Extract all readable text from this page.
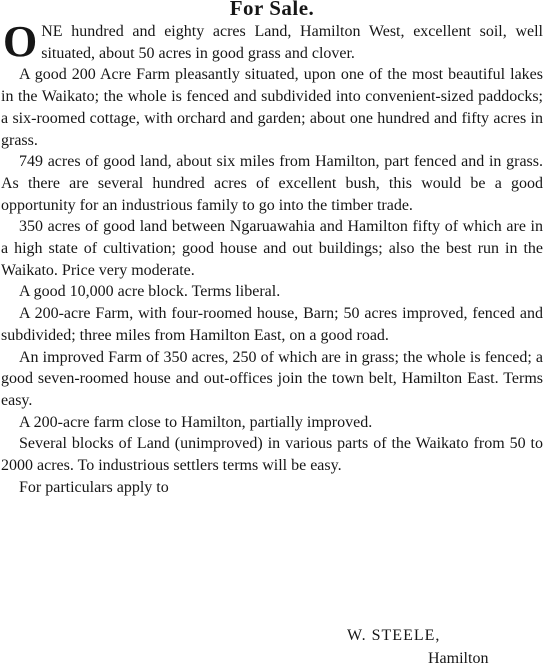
For Sale.

ONE hundred and eighty acres Land, Hamilton West, excellent soil, well situated, about 50 acres in good grass and clover.

A good 200 Acre Farm pleasantly situated, upon one of the most beautiful lakes in the Waikato; the whole is fenced and subdivided into convenient-sized paddocks; a six-roomed cottage, with orchard and garden; about one hundred and fifty acres in grass.

749 acres of good land, about six miles from Hamilton, part fenced and in grass. As there are several hundred acres of excellent bush, this would be a good opportunity for an industrious family to go into the timber trade.

350 acres of good land between Ngaruawahia and Hamilton fifty of which are in a high state of cultivation; good house and out buildings; also the best run in the Waikato. Price very moderate.

A good 10,000 acre block. Terms liberal.

A 200-acre Farm, with four-roomed house, Barn; 50 acres improved, fenced and subdivided; three miles from Hamilton East, on a good road.

An improved Farm of 350 acres, 250 of which are in grass; the whole is fenced; a good seven-roomed house and out-offices join the town belt, Hamilton East. Terms easy.

A 200-acre farm close to Hamilton, partially improved.

Several blocks of Land (unimproved) in various parts of the Waikato from 50 to 2000 acres. To industrious settlers terms will be easy.

For particulars apply to

W. STEELE,
Hamilton
